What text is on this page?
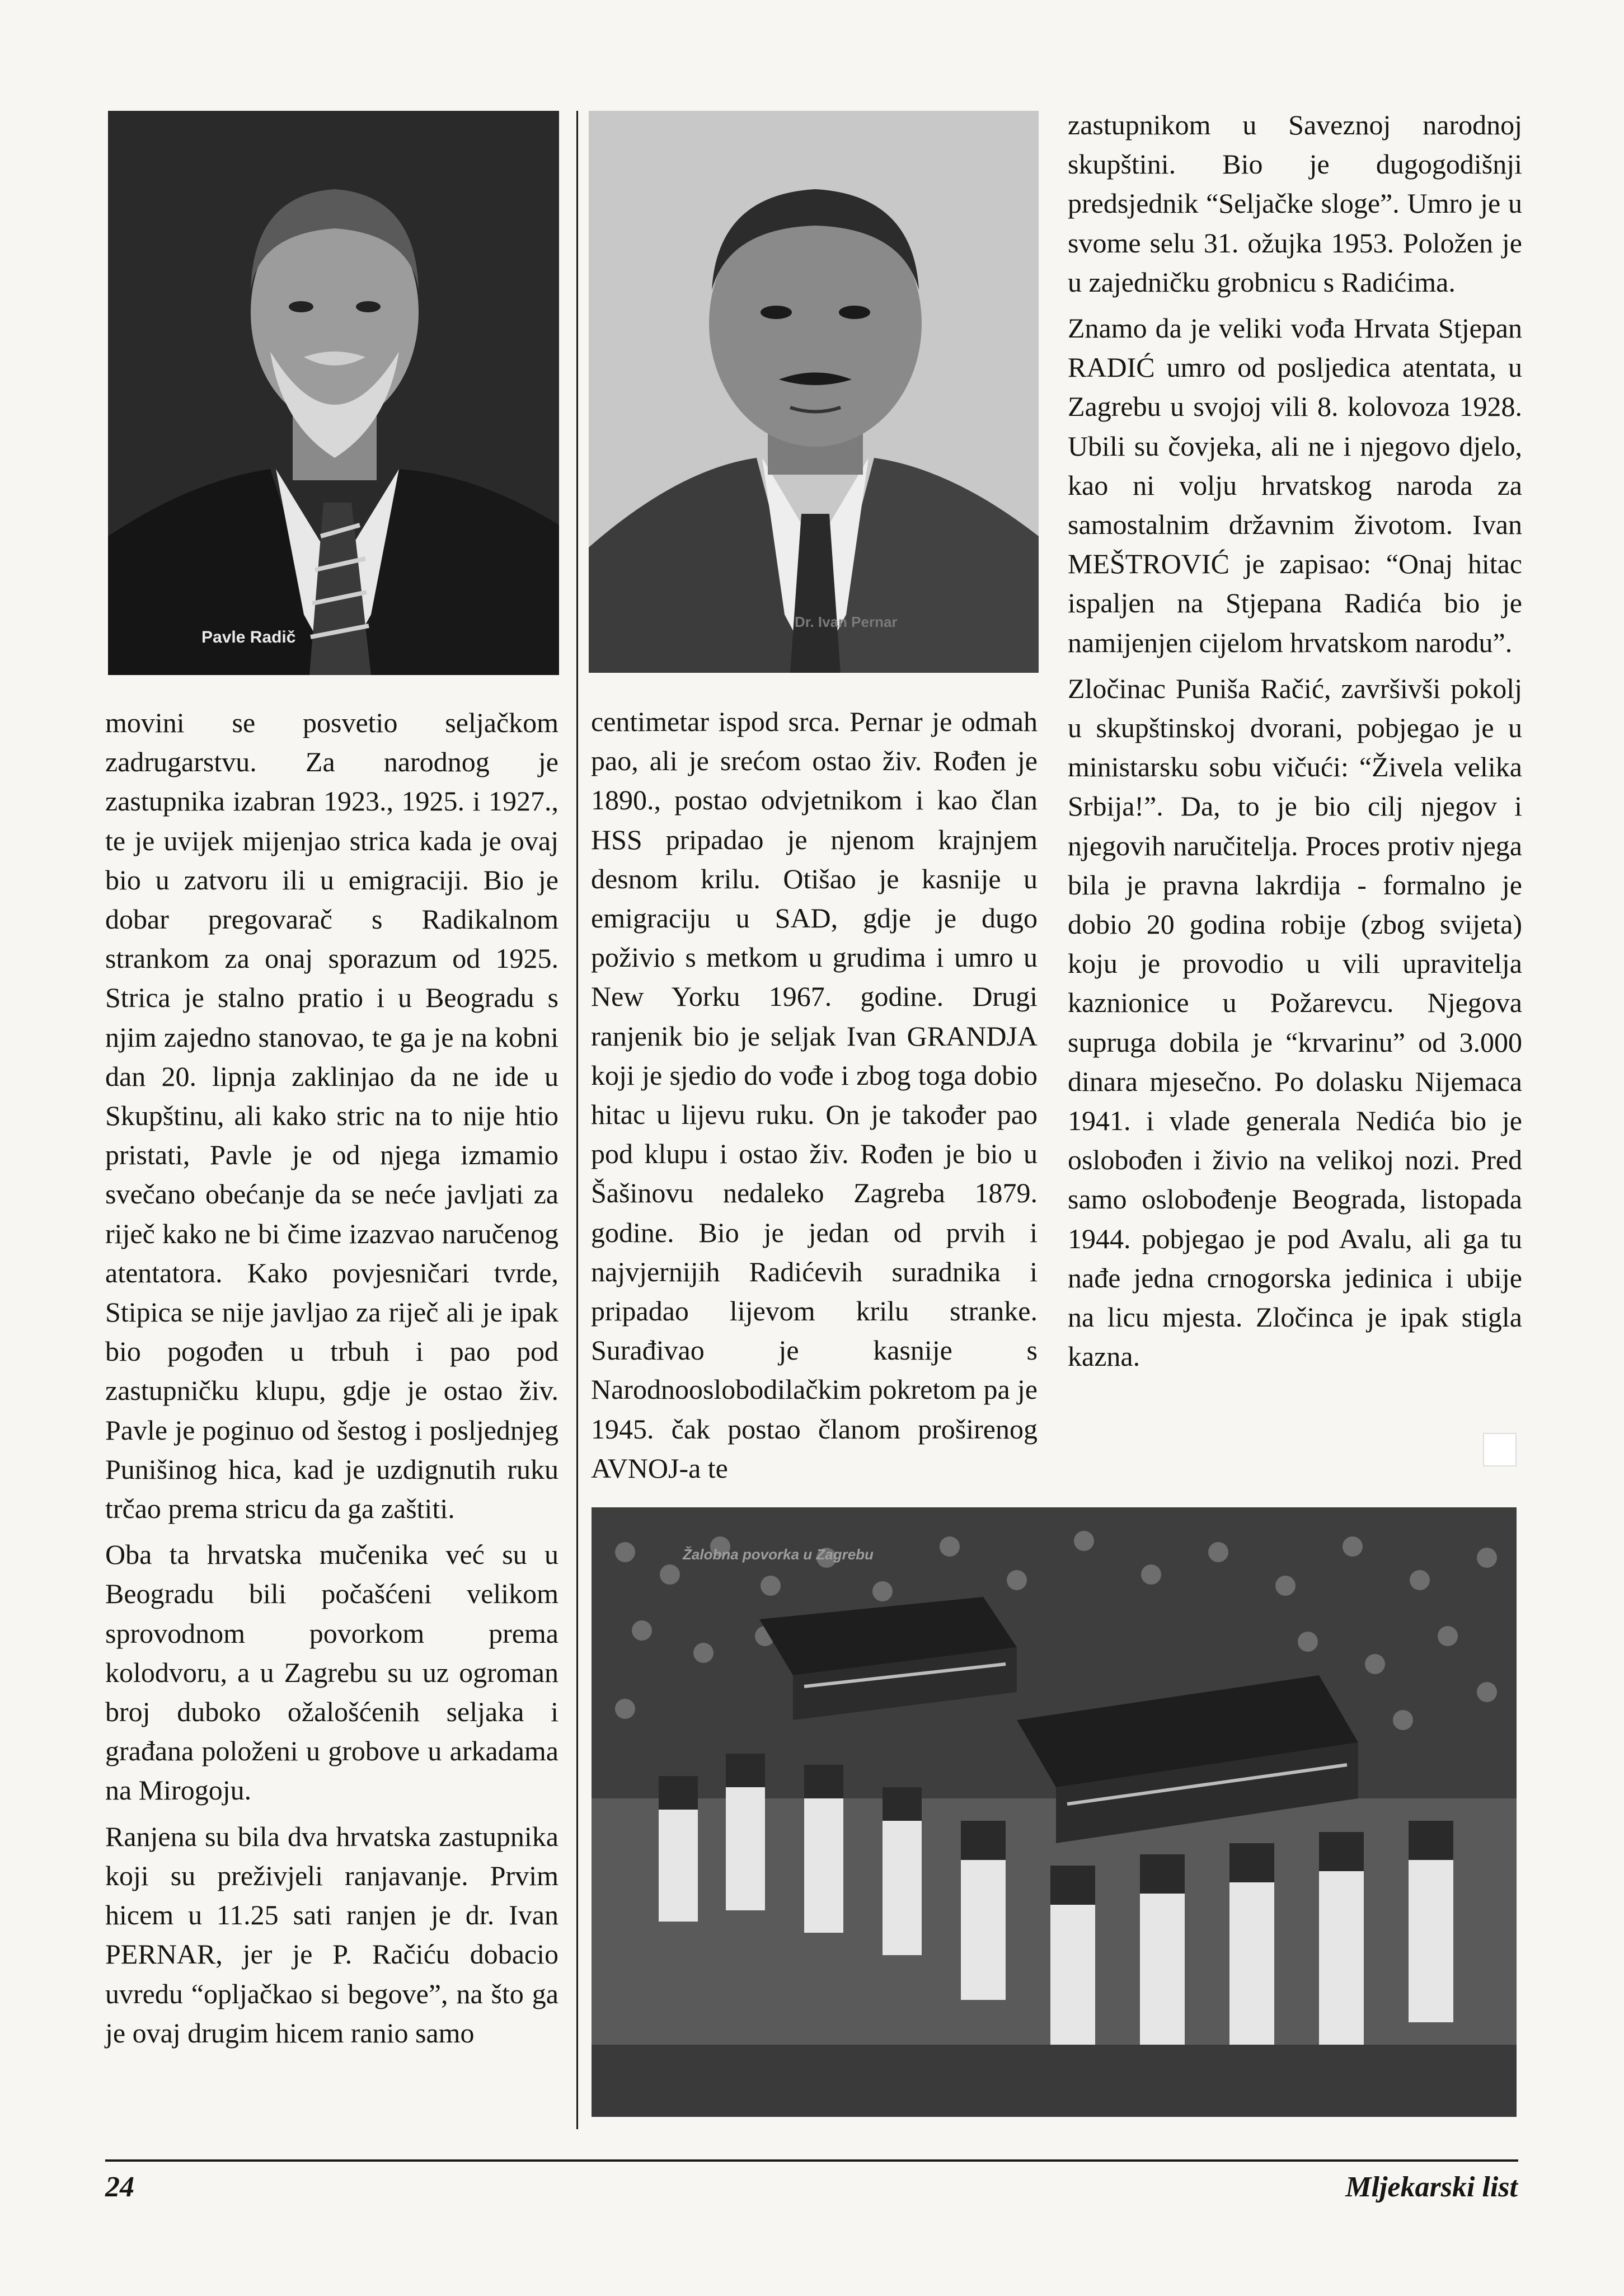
Pavle Radič
Dr. Ivan Pernar

movini se posvetio seljačkom zadrugarstvu. Za narodnog je zastupnika izabran 1923., 1925. i 1927., te je uvijek mijenjao strica kada je ovaj bio u zatvoru ili u emigraciji. Bio je dobar pregovarač s Radikalnom strankom za onaj sporazum od 1925. Strica je stalno pratio i u Beogradu s njim zajedno stanovao, te ga je na kobni dan 20. lipnja zaklinjao da ne ide u Skupštinu, ali kako stric na to nije htio pristati, Pavle je od njega izmamio svečano obećanje da se neće javljati za riječ kako ne bi čime izazvao naručenog atentatora. Kako povjesničari tvrde, Stipica se nije javljao za riječ ali je ipak bio pogođen u trbuh i pao pod zastupničku klupu, gdje je ostao živ. Pavle je poginuo od šestog i posljednjeg Punišinog hica, kad je uzdignutih ruku trčao prema stricu da ga zaštiti.

Oba ta hrvatska mučenika već su u Beogradu bili počašćeni velikom sprovodnom povorkom prema kolodvoru, a u Zagrebu su uz ogroman broj duboko ožalošćenih seljaka i građana položeni u grobove u arkadama na Mirogoju.

Ranjena su bila dva hrvatska zastupnika koji su preživjeli ranjavanje. Prvim hicem u 11.25 sati ranjen je dr. Ivan PERNAR, jer je P. Račiću dobacio uvredu “opljačkao si begove”, na što ga je ovaj drugim hicem ranio samo

centimetar ispod srca. Pernar je odmah pao, ali je srećom ostao živ. Rođen je 1890., postao odvjetnikom i kao član HSS pripadao je njenom krajnjem desnom krilu. Otišao je kasnije u emigraciju u SAD, gdje je dugo poživio s metkom u grudima i umro u New Yorku 1967. godine. Drugi ranjenik bio je seljak Ivan GRANDJA koji je sjedio do vođe i zbog toga dobio hitac u lijevu ruku. On je također pao pod klupu i ostao živ. Rođen je bio u Šašinovu nedaleko Zagreba 1879. godine. Bio je jedan od prvih i najvjernijih Radićevih suradnika i pripadao lijevom krilu stranke. Surađivao je kasnije s Narodnooslobodilačkim pokretom pa je 1945. čak postao članom proširenog AVNOJ-a te

zastupnikom u Saveznoj narodnoj skupštini. Bio je dugogodišnji predsjednik “Seljačke sloge”. Umro je u svome selu 31. ožujka 1953. Položen je u zajedničku grobnicu s Radićima.

Znamo da je veliki vođa Hrvata Stjepan RADIĆ umro od posljedica atentata, u Zagrebu u svojoj vili 8. kolovoza 1928. Ubili su čovjeka, ali ne i njegovo djelo, kao ni volju hrvatskog naroda za samostalnim državnim životom. Ivan MEŠTROVIĆ je zapisao: “Onaj hitac ispaljen na Stjepana Radića bio je namijenjen cijelom hrvatskom narodu”.

Zločinac Puniša Račić, završivši pokolj u skupštinskoj dvorani, pobjegao je u ministarsku sobu vičući: “Živela velika Srbija!”. Da, to je bio cilj njegov i njegovih naručitelja. Proces protiv njega bila je pravna lakrdija - formalno je dobio 20 godina robije (zbog svijeta) koju je provodio u vili upravitelja kaznionice u Požarevcu. Njegova supruga dobila je “krvarinu” od 3.000 dinara mjesečno. Po dolasku Nijemaca 1941. i vlade generala Nedića bio je oslobođen i živio na velikoj nozi. Pred samo oslobođenje Beograda, listopada 1944. pobjegao je pod Avalu, ali ga tu nađe jedna crnogorska jedinica i ubije na licu mjesta. Zločinca je ipak stigla kazna.

Žalobna povorka u Zagrebu
24	Mljekarski list
